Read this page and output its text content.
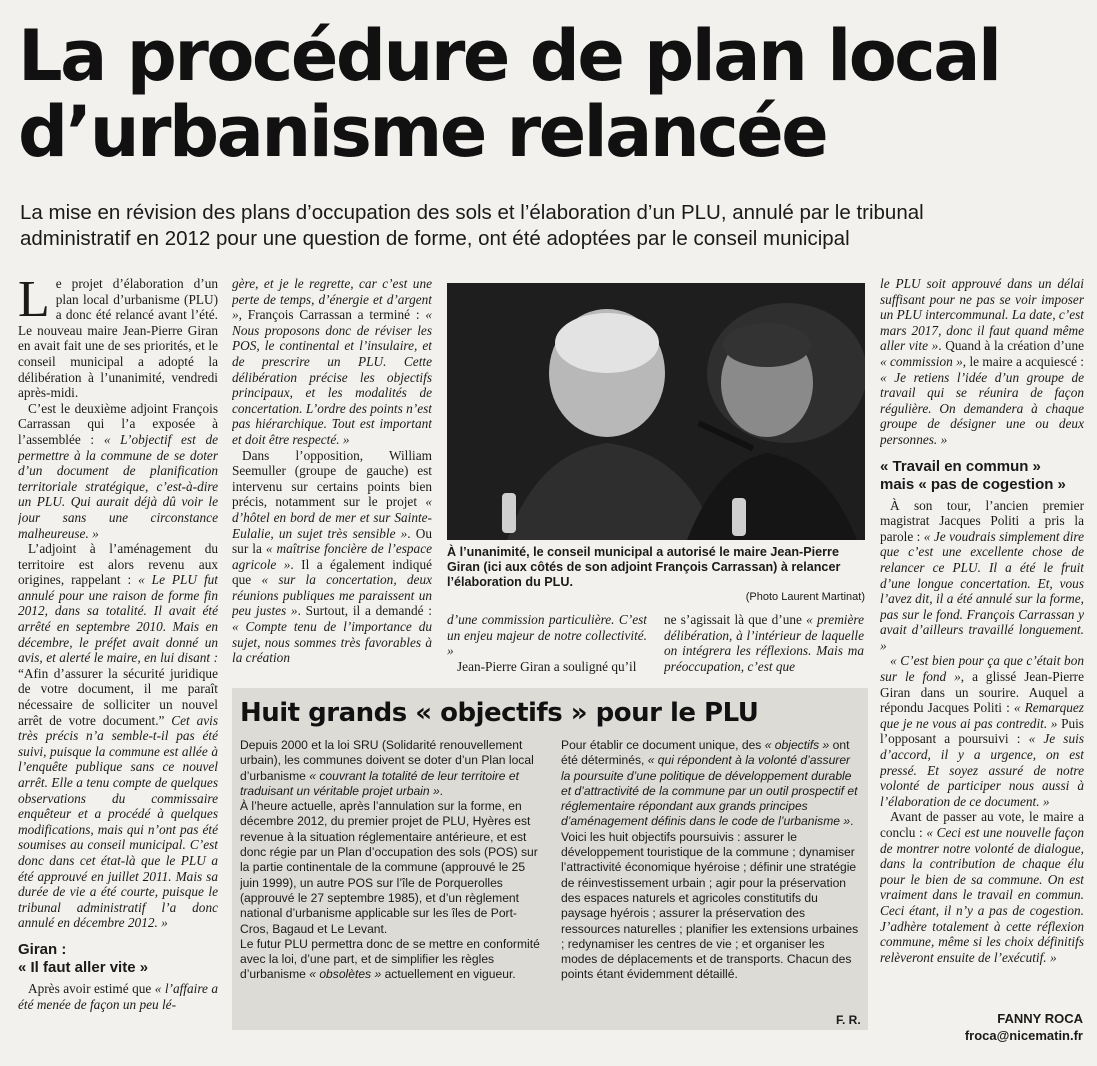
La procédure de plan local
d’urbanisme relancée

La mise en révision des plans d’occupation des sols et l’élaboration d’un PLU, annulé par le tribunal
administratif en 2012 pour une question de forme, ont été adoptées par le conseil municipal

Le projet d’élaboration d’un plan local d’urbanisme (PLU) a donc été relancé avant l’été. Le nouveau maire Jean-Pierre Giran en avait fait une de ses priorités, et le conseil municipal a adopté la délibération à l’unanimité, vendredi après-midi.

C’est le deuxième adjoint François Carrassan qui l’a exposée à l’assemblée : « L’objectif est de permettre à la commune de se doter d’un document de planification territoriale stratégique, c’est-à-dire un PLU. Qui aurait déjà dû voir le jour sans une circonstance malheureuse. »

L’adjoint à l’aménagement du territoire est alors revenu aux origines, rappelant : « Le PLU fut annulé pour une raison de forme fin 2012, dans sa totalité. Il avait été arrêté en septembre 2010. Mais en décembre, le préfet avait donné un avis, et alerté le maire, en lui disant : “Afin d’assurer la sécurité juridique de votre document, il me paraît nécessaire de solliciter un nouvel arrêt de votre document.” Cet avis très précis n’a semble-t-il pas été suivi, puisque la commune est allée à l’enquête publique sans ce nouvel arrêt. Elle a tenu compte de quelques observations du commissaire enquêteur et a procédé à quelques modifications, mais qui n’ont pas été soumises au conseil municipal. C’est donc dans cet état-là que le PLU a été approuvé en juillet 2011. Mais sa durée de vie a été courte, puisque le tribunal administratif l’a donc annulé en décembre 2012. »

Giran :
« Il faut aller vite »

Après avoir estimé que « l’affaire a été menée de façon un peu lé-

gère, et je le regrette, car c’est une perte de temps, d’énergie et d’argent », François Carrassan a terminé : « Nous proposons donc de réviser les POS, le continental et l’insulaire, et de prescrire un PLU. Cette délibération précise les objectifs principaux, et les modalités de concertation. L’ordre des points n’est pas hiérarchique. Tout est important et doit être respecté. »

Dans l’opposition, William Seemuller (groupe de gauche) est intervenu sur certains points bien précis, notamment sur le projet « d’hôtel en bord de mer et sur Sainte-Eulalie, un sujet très sensible ». Ou sur la « maîtrise foncière de l’espace agricole ». Il a également indiqué que « sur la concertation, deux réunions publiques me paraissent un peu justes ». Surtout, il a demandé : « Compte tenu de l’importance du sujet, nous sommes très favorables à la création

À l’unanimité, le conseil municipal a autorisé le maire Jean-Pierre Giran (ici aux côtés de son adjoint François Carrassan) à relancer l’élaboration du PLU.
(Photo Laurent Martinat)

d’une commission particulière. C’est un enjeu majeur de notre collectivité. »

Jean-Pierre Giran a souligné qu’il

ne s’agissait là que d’une « première délibération, à l’intérieur de laquelle on intégrera les réflexions. Mais ma préoccupation, c’est que

le PLU soit approuvé dans un délai suffisant pour ne pas se voir imposer un PLU intercommunal. La date, c’est mars 2017, donc il faut quand même aller vite ». Quand à la création d’une « commission », le maire a acquiescé : « Je retiens l’idée d’un groupe de travail qui se réunira de façon régulière. On demandera à chaque groupe de désigner une ou deux personnes. »

« Travail en commun »
mais « pas de cogestion »

À son tour, l’ancien premier magistrat Jacques Politi a pris la parole : « Je voudrais simplement dire que c’est une excellente chose de relancer ce PLU. Il a été le fruit d’une longue concertation. Et, vous l’avez dit, il a été annulé sur la forme, pas sur le fond. François Carrassan y avait d’ailleurs travaillé longuement. »

« C’est bien pour ça que c’était bon sur le fond », a glissé Jean-Pierre Giran dans un sourire. Auquel a répondu Jacques Politi : « Remarquez que je ne vous ai pas contredit. » Puis l’opposant a poursuivi : « Je suis d’accord, il y a urgence, on est pressé. Et soyez assuré de notre volonté de participer nous aussi à l’élaboration de ce document. »

Avant de passer au vote, le maire a conclu : « Ceci est une nouvelle façon de montrer notre volonté de dialogue, dans la contribution de chaque élu pour le bien de sa commune. On est vraiment dans le travail en commun. Ceci étant, il n’y a pas de cogestion. J’adhère totalement à cette réflexion commune, même si les choix définitifs relèveront ensuite de l’exécutif. »

Huit grands « objectifs » pour le PLU

Depuis 2000 et la loi SRU (Solidarité renouvellement urbain), les communes doivent se doter d’un Plan local d’urbanisme « couvrant la totalité de leur territoire et traduisant un véritable projet urbain ».

À l’heure actuelle, après l’annulation sur la forme, en décembre 2012, du premier projet de PLU, Hyères est revenue à la situation réglementaire antérieure, et est donc régie par un Plan d’occupation des sols (POS) sur la partie continentale de la commune (approuvé le 25 juin 1999), un autre POS sur l’île de Porquerolles (approuvé le 27 septembre 1985), et d’un règlement national d’urbanisme applicable sur les îles de Port-Cros, Bagaud et Le Levant.

Le futur PLU permettra donc de se mettre en conformité avec la loi, d’une part, et de simplifier les règles d’urbanisme « obsolètes » actuellement en vigueur.

Pour établir ce document unique, des « objectifs » ont été déterminés, « qui répondent à la volonté d’assurer la poursuite d’une politique de développement durable et d’attractivité de la commune par un outil prospectif et réglementaire répondant aux grands principes d’aménagement définis dans le code de l’urbanisme ».

Voici les huit objectifs poursuivis : assurer le développement touristique de la commune ; dynamiser l’attractivité économique hyéroise ; définir une stratégie de réinvestissement urbain ; agir pour la préservation des espaces naturels et agricoles constitutifs du paysage hyérois ; assurer la préservation des ressources naturelles ; planifier les extensions urbaines ; redynamiser les centres de vie ; et organiser les modes de déplacements et de transports. Chacun des points étant évidemment détaillé.

F. R.	FANNY ROCA
froca@nicematin.fr
